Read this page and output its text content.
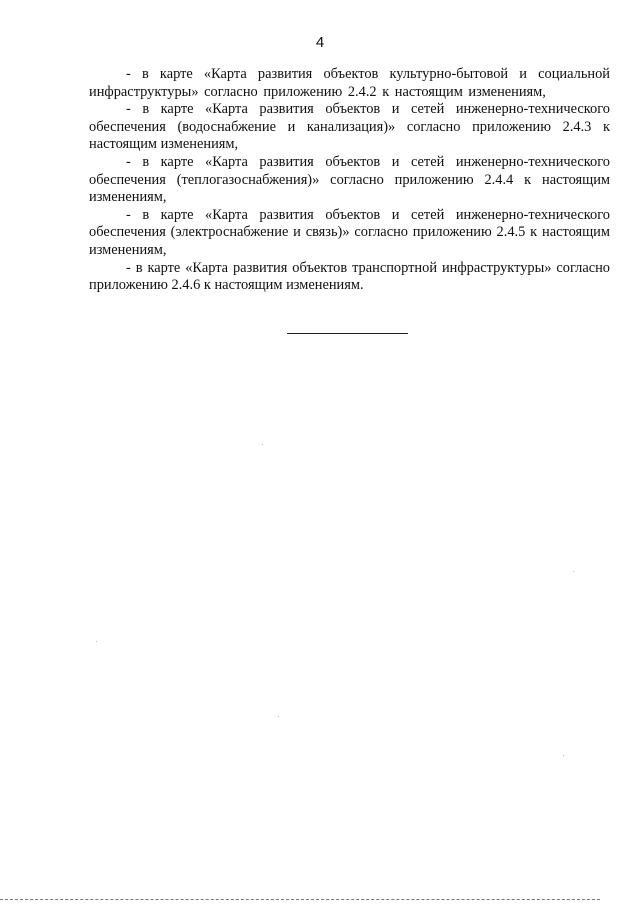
4

- в карте «Карта развития объектов культурно-бытовой и социальной инфраструктуры» согласно приложению 2.4.2 к настоящим изменениям,

- в карте «Карта развития объектов и сетей инженерно-технического обеспечения (водоснабжение и канализация)» согласно приложению 2.4.3 к настоящим изменениям,

- в карте «Карта развития объектов и сетей инженерно-технического обеспечения (теплогазоснабжения)» согласно приложению 2.4.4 к настоящим изменениям,

- в карте «Карта развития объектов и сетей инженерно-технического обеспечения (электроснабжение и связь)» согласно приложению 2.4.5 к настоящим изменениям,

- в карте «Карта развития объектов транспортной инфраструктуры» согласно приложению 2.4.6 к настоящим изменениям.
